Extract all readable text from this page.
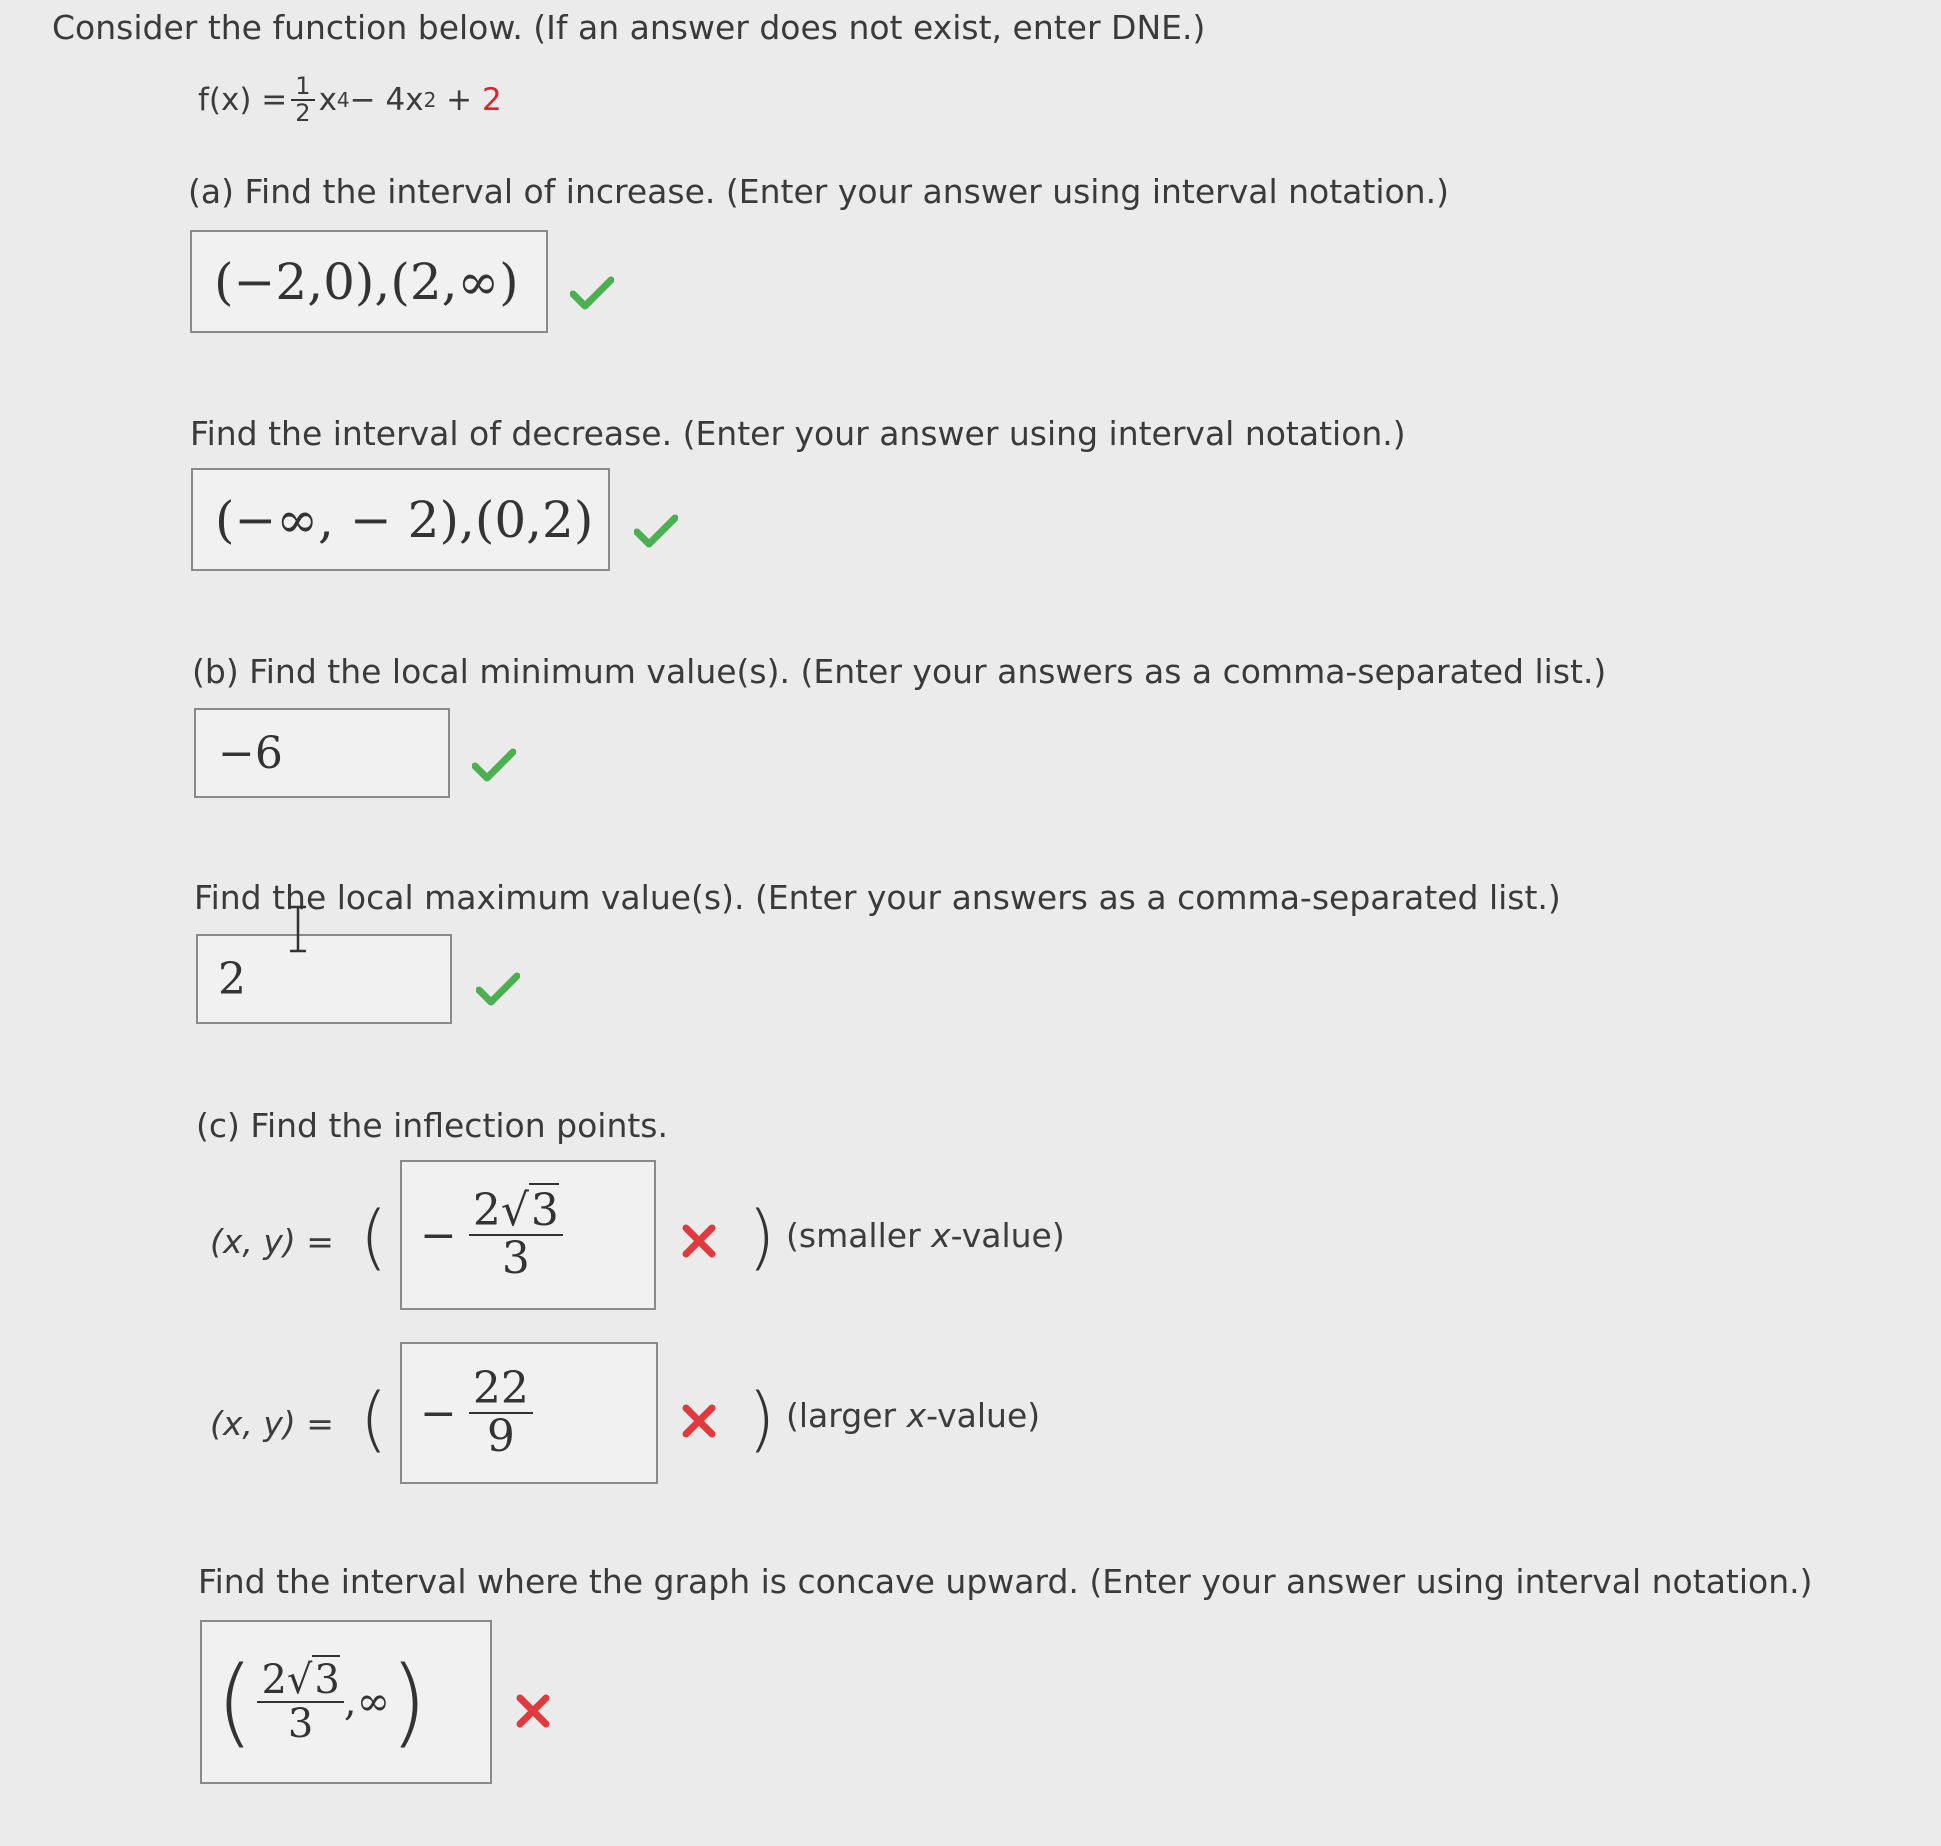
Consider the function below. (If an answer does not exist, enter DNE.)
$f(x) = \frac{1}{2}$ x 4 − 4x 2 + 2
(a) Find the interval of increase. (Enter your answer using interval notation.)
(−2,0),(2,∞)
Find the interval of decrease. (Enter your answer using interval notation.)
(−∞, − 2),(0,2)
(b) Find the local minimum value(s). (Enter your answers as a comma-separated list.)
−6
Find the local maximum value(s). (Enter your answers as a comma-separated list.)
2
(c) Find the inflection points.
(x, y) = ( − $\frac{2√3}{3}$	) (smaller x-value)
(x, y) = ( − $\frac{22}{9}$	) (larger x-value)
Find the interval where the graph is concave upward. (Enter your answer using interval notation.)
( $\frac{2√3}{3}$ ,∞ )
